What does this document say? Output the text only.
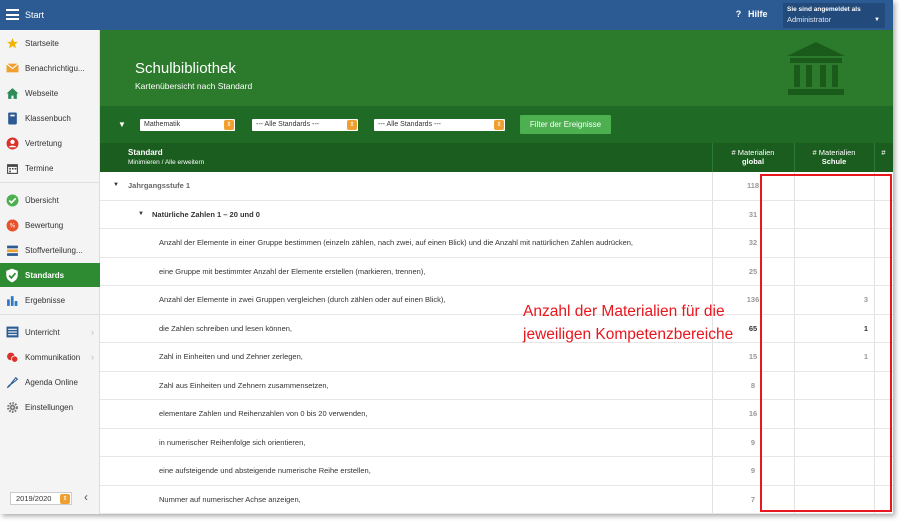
Start	? Hilfe	Sie sind angemeldet als
Administrator	▼
Startseite
Benachrichtigu...
Webseite
Klassenbuch
Vertretung
Termine
Übersicht
% Bewertung
Stoffverteilung...
Standards
Ergebnisse
Unterricht	›
Kommunikation ›
Agenda Online
Einstellungen
2019/2020	⇕ ‹
Schulbibliothek
Kartenübersicht nach Standard
▼	Mathematik	⇕	--- Alle Standards ---	⇕	--- Alle Standards ---	⇕	Filter der Ereignisse
Standard
Minimieren / Alle erweitern
# Materialien
global
# Materialien
Schule
#
▼ Jahrgangsstufe 1	118
▼ Natürliche Zahlen 1 – 20 und 0	31
Anzahl der Elemente in einer Gruppe bestimmen (einzeln zählen, nach zwei, auf einen Blick) und die Anzahl mit natürlichen Zahlen audrücken,	32
eine Gruppe mit bestimmter Anzahl der Elemente erstellen (markieren, trennen),	25
Anzahl der Elemente in zwei Gruppen vergleichen (durch zählen oder auf einen Blick),	136	3
die Zahlen schreiben und lesen können,	65	1
Zahl in Einheiten und und Zehner zerlegen,	15	1
Zahl aus Einheiten und Zehnern zusammensetzen,	8
elementare Zahlen und Reihenzahlen von 0 bis 20 verwenden,	16
in numerischer Reihenfolge sich orientieren,	9
eine aufsteigende und absteigende numerische Reihe erstellen,	9
Nummer auf numerischer Achse anzeigen,	7
Anzahl der Materialien für die
jeweiligen Kompetenzbereiche
